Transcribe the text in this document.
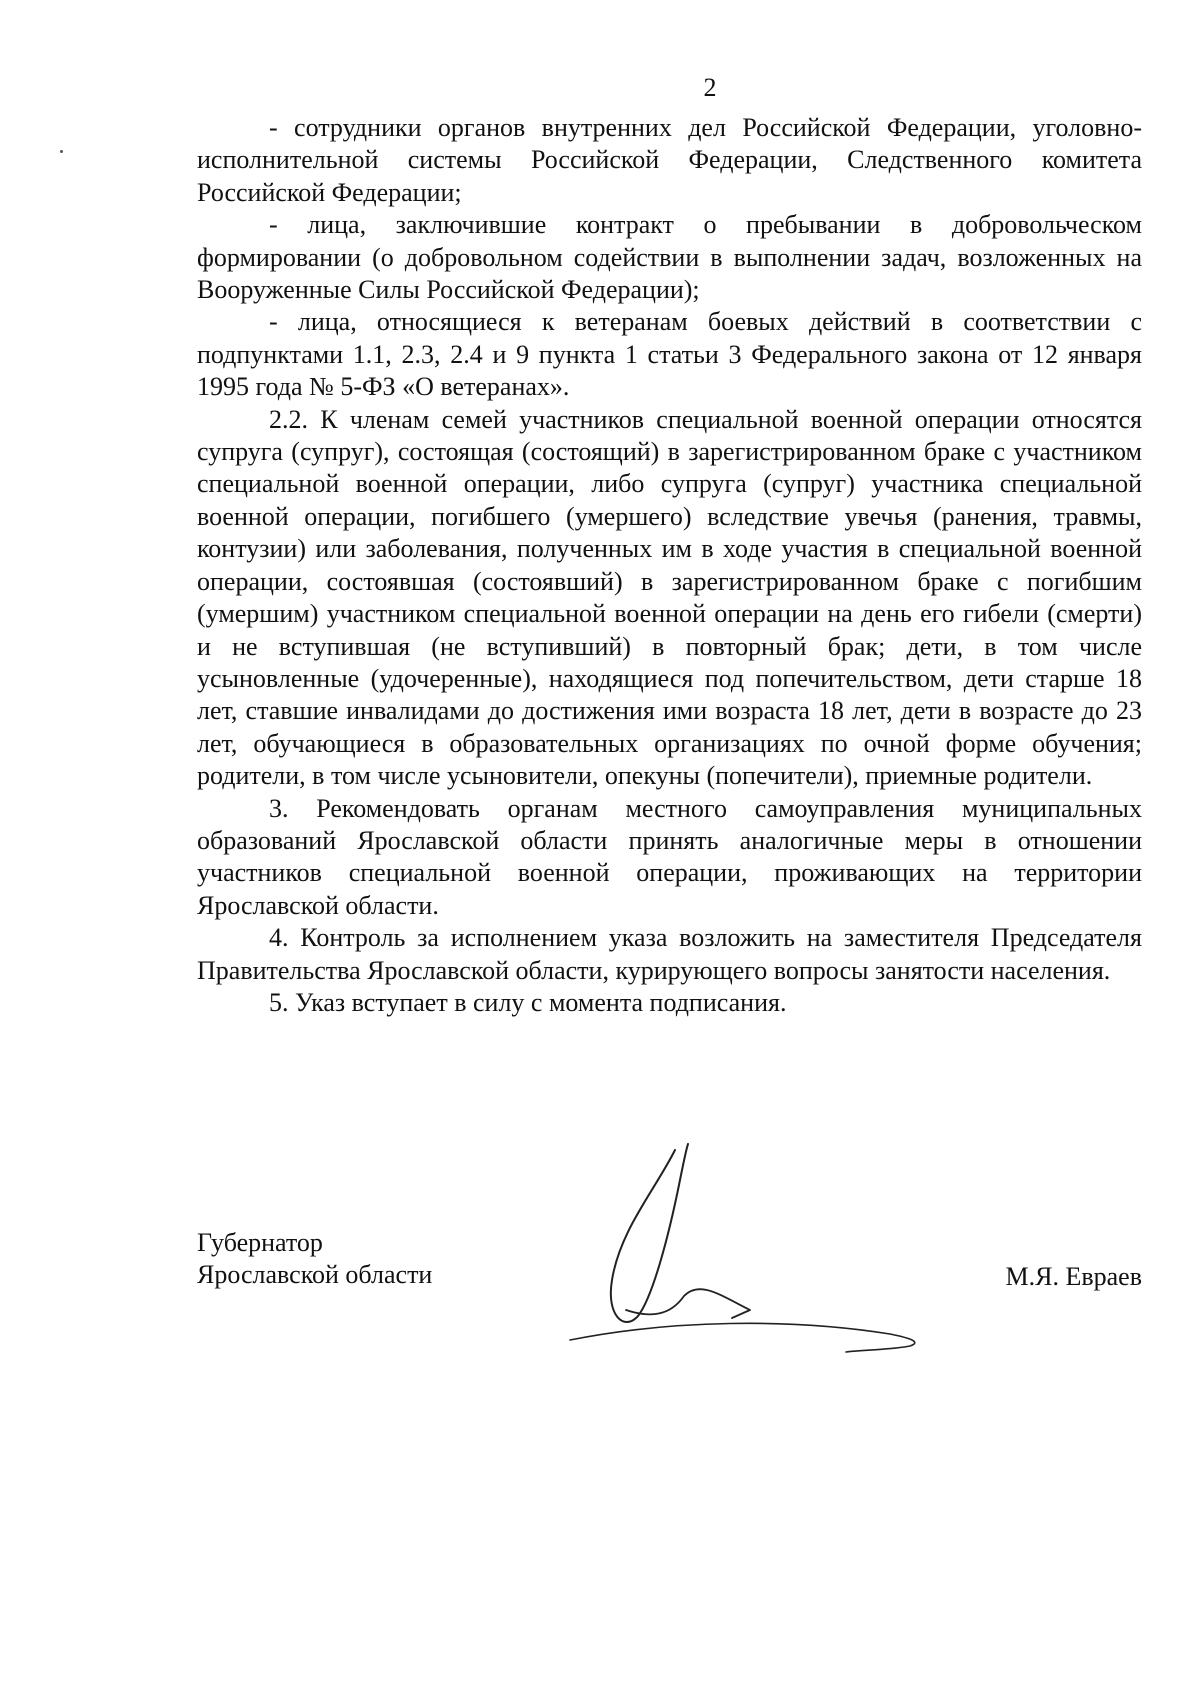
2

- сотрудники органов внутренних дел Российской Федерации, уголовно-исполнительной системы Российской Федерации, Следственного комитета Российской Федерации;

- лица, заключившие контракт о пребывании в добровольческом формировании (о добровольном содействии в выполнении задач, возложенных на Вооруженные Силы Российской Федерации);

- лица, относящиеся к ветеранам боевых действий в соответствии с подпунктами 1.1, 2.3, 2.4 и 9 пункта 1 статьи 3 Федерального закона от 12 января 1995 года № 5-ФЗ «О ветеранах».

2.2. К членам семей участников специальной военной операции относятся супруга (супруг), состоящая (состоящий) в зарегистрированном браке с участником специальной военной операции, либо супруга (супруг) участника специальной военной операции, погибшего (умершего) вследствие увечья (ранения, травмы, контузии) или заболевания, полученных им в ходе участия в специальной военной операции, состоявшая (состоявший) в зарегистрированном браке с погибшим (умершим) участником специальной военной операции на день его гибели (смерти) и не вступившая (не вступивший) в повторный брак; дети, в том числе усыновленные (удочеренные), находящиеся под попечительством, дети старше 18 лет, ставшие инвалидами до достижения ими возраста 18 лет, дети в возрасте до 23 лет, обучающиеся в образовательных организациях по очной форме обучения; родители, в том числе усыновители, опекуны (попечители), приемные родители.

3. Рекомендовать органам местного самоуправления муниципальных образований Ярославской области принять аналогичные меры в отношении участников специальной военной операции, проживающих на территории Ярославской области.

4. Контроль за исполнением указа возложить на заместителя Председателя Правительства Ярославской области, курирующего вопросы занятости населения.

5. Указ вступает в силу с момента подписания.

Губернатор
Ярославской области	М.Я. Евраев
